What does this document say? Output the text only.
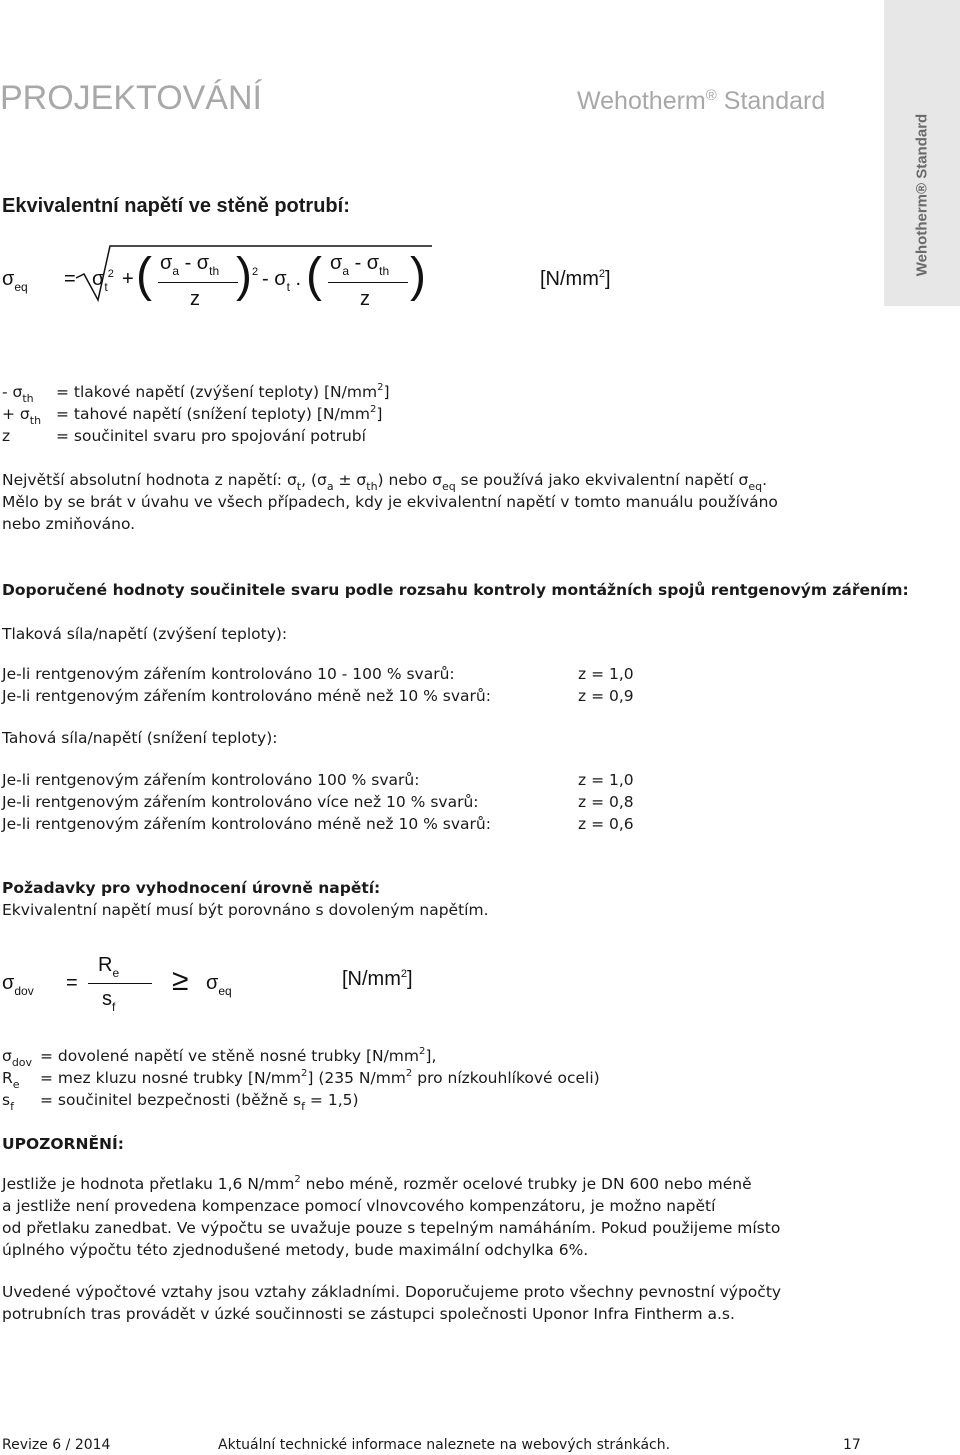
PROJEKTOVÁNÍ	Wehotherm® Standard
Wehotherm® Standard
Ekvivalentní napětí ve stěně potrubí:
$\sigma_{eq} = \sigma_t^2$ + ( $\sigma_a - \sigma_{th}$
z ) $_2 - \sigma_t$ . ( $\sigma_a - \sigma_{th}$
z )	$[N/mm^2]$
- $\sigma_{th}$ = tlakové napětí (zvýšení teploty) $[N/mm^2]$
+ $\sigma_{th}$ = tahové napětí (snížení teploty) $[N/mm^2]$
z	= součinitel svaru pro spojování potrubí
Největší absolutní hodnota z napětí: $\sigma_t$, $(\sigma_a \pm \sigma_{th})$ nebo $\sigma_{eq}$ se používá jako ekvivalentní napětí $\sigma_{eq}$.
Mělo by se brát v úvahu ve všech případech, kdy je ekvivalentní napětí v tomto manuálu používáno
nebo zmiňováno.
Doporučené hodnoty součinitele svaru podle rozsahu kontroly montážních spojů rentgenovým zářením:
Tlaková síla/napětí (zvýšení teploty):
Je-li rentgenovým zářením kontrolováno 10 - 100 % svarů:	z = 1,0
Je-li rentgenovým zářením kontrolováno méně než 10 % svarů:	z = 0,9
Tahová síla/napětí (snížení teploty):
Je-li rentgenovým zářením kontrolováno 100 % svarů:	z = 1,0
Je-li rentgenovým zářením kontrolováno více než 10 % svarů:	z = 0,8
Je-li rentgenovým zářením kontrolováno méně než 10 % svarů:	z = 0,6
Požadavky pro vyhodnocení úrovně napětí:
Ekvivalentní napětí musí být porovnáno s dovoleným napětím.
$\sigma_{dov}$ =
$R_e$
$s_f$
≥ $\sigma_{eq}$
$[N/mm^2]$
$\sigma_{dov}$ = dovolené napětí ve stěně nosné trubky $[N/mm^2]$,
$R_e$ = mez kluzu nosné trubky $[N/mm^2]$ (235 $N/mm^2$ pro nízkouhlíkové oceli)
$s_f$ = součinitel bezpečnosti (běžně $s_f = 1,5$)
UPOZORNĚNÍ:
Jestliže je hodnota přetlaku 1,6 $N/mm^2$ nebo méně, rozměr ocelové trubky je DN 600 nebo méně
a jestliže není provedena kompenzace pomocí vlnovcového kompenzátoru, je možno napětí
od přetlaku zanedbat. Ve výpočtu se uvažuje pouze s tepelným namáháním. Pokud použijeme místo
úplného výpočtu této zjednodušené metody, bude maximální odchylka 6%.
Uvedené výpočtové vztahy jsou vztahy základními. Doporučujeme proto všechny pevnostní výpočty
potrubních tras provádět v úzké součinnosti se zástupci společnosti Uponor Infra Fintherm a.s.
Revize 6 / 2014	Aktuální technické informace naleznete na webových stránkách.	17
